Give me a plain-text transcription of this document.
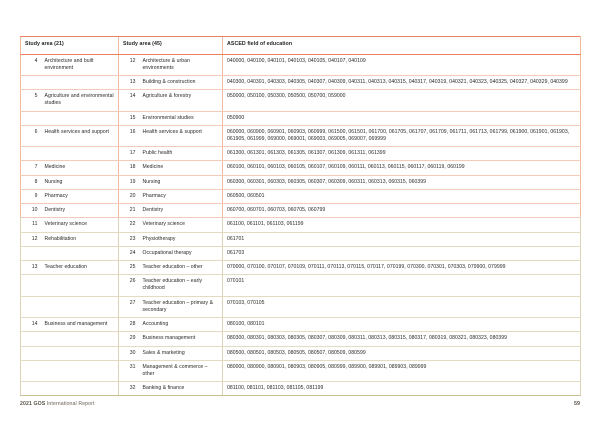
Study area (21)		Study area (45)		ASCED field of education
4	Architecture and built environment	12	Architecture & urban environments	040000, 040100, 040101, 040103, 040105, 040107, 040109
		13	Building & construction	040300, 040301, 040303, 040305, 040307, 040309, 040311, 040313, 040315, 040317, 040319, 040321, 040323, 040325, 040327, 040329, 040399
5	Agriculture and environmental studies	14	Agriculture & forestry	050000, 050100, 050300, 050500, 050700, 059000
		15	Environmental studies	050900
6	Health services and support	16	Health services & support	060000, 060900, 060901, 060903, 060999, 061500, 061501, 061700, 061705, 061707, 061709, 061711, 061713, 061799, 061900, 061901, 061903, 061905, 061999, 069000, 069001, 069003, 069005, 069007, 069999
		17	Public health	061300, 061301, 061303, 061305, 061307, 061309, 061311, 061399
7	Medicine	18	Medicine	060100, 060101, 060103, 060105, 060107, 060109, 060111, 060113, 060115, 060117, 060119, 060199
8	Nursing	19	Nursing	060300, 060301, 060303, 060305, 060307, 060309, 060311, 060313, 060315, 060399
9	Pharmacy	20	Pharmacy	060500, 060501
10	Dentistry	21	Dentistry	060700, 060701, 060703, 060705, 060799
11	Veterinary science	22	Veterinary science	061100, 061101, 061103, 061199
12	Rehabilitation	23	Physiotherapy	061701
		24	Occupational therapy	061703
13	Teacher education	25	Teacher education – other	070000, 070100, 070107, 070109, 070111, 070113, 070115, 070117, 070199, 070300, 070301, 070303, 079900, 079999
		26	Teacher education – early childhood	070101
		27	Teacher education – primary & secondary	070103, 070105
14	Business and management	28	Accounting	080100, 080101
		29	Business management	080300, 080301, 080303, 080305, 080307, 080309, 080311, 080313, 080315, 080317, 080319, 080321, 080323, 080399
		30	Sales & marketing	080500, 080501, 080503, 080505, 080507, 080509, 080599
		31	Management & commerce – other	080000, 080900, 080901, 080903, 080905, 080999, 089900, 089901, 089903, 089999
		32	Banking & finance	081100, 081101, 081103, 081105, 081199
2021 GOS International Report	59
